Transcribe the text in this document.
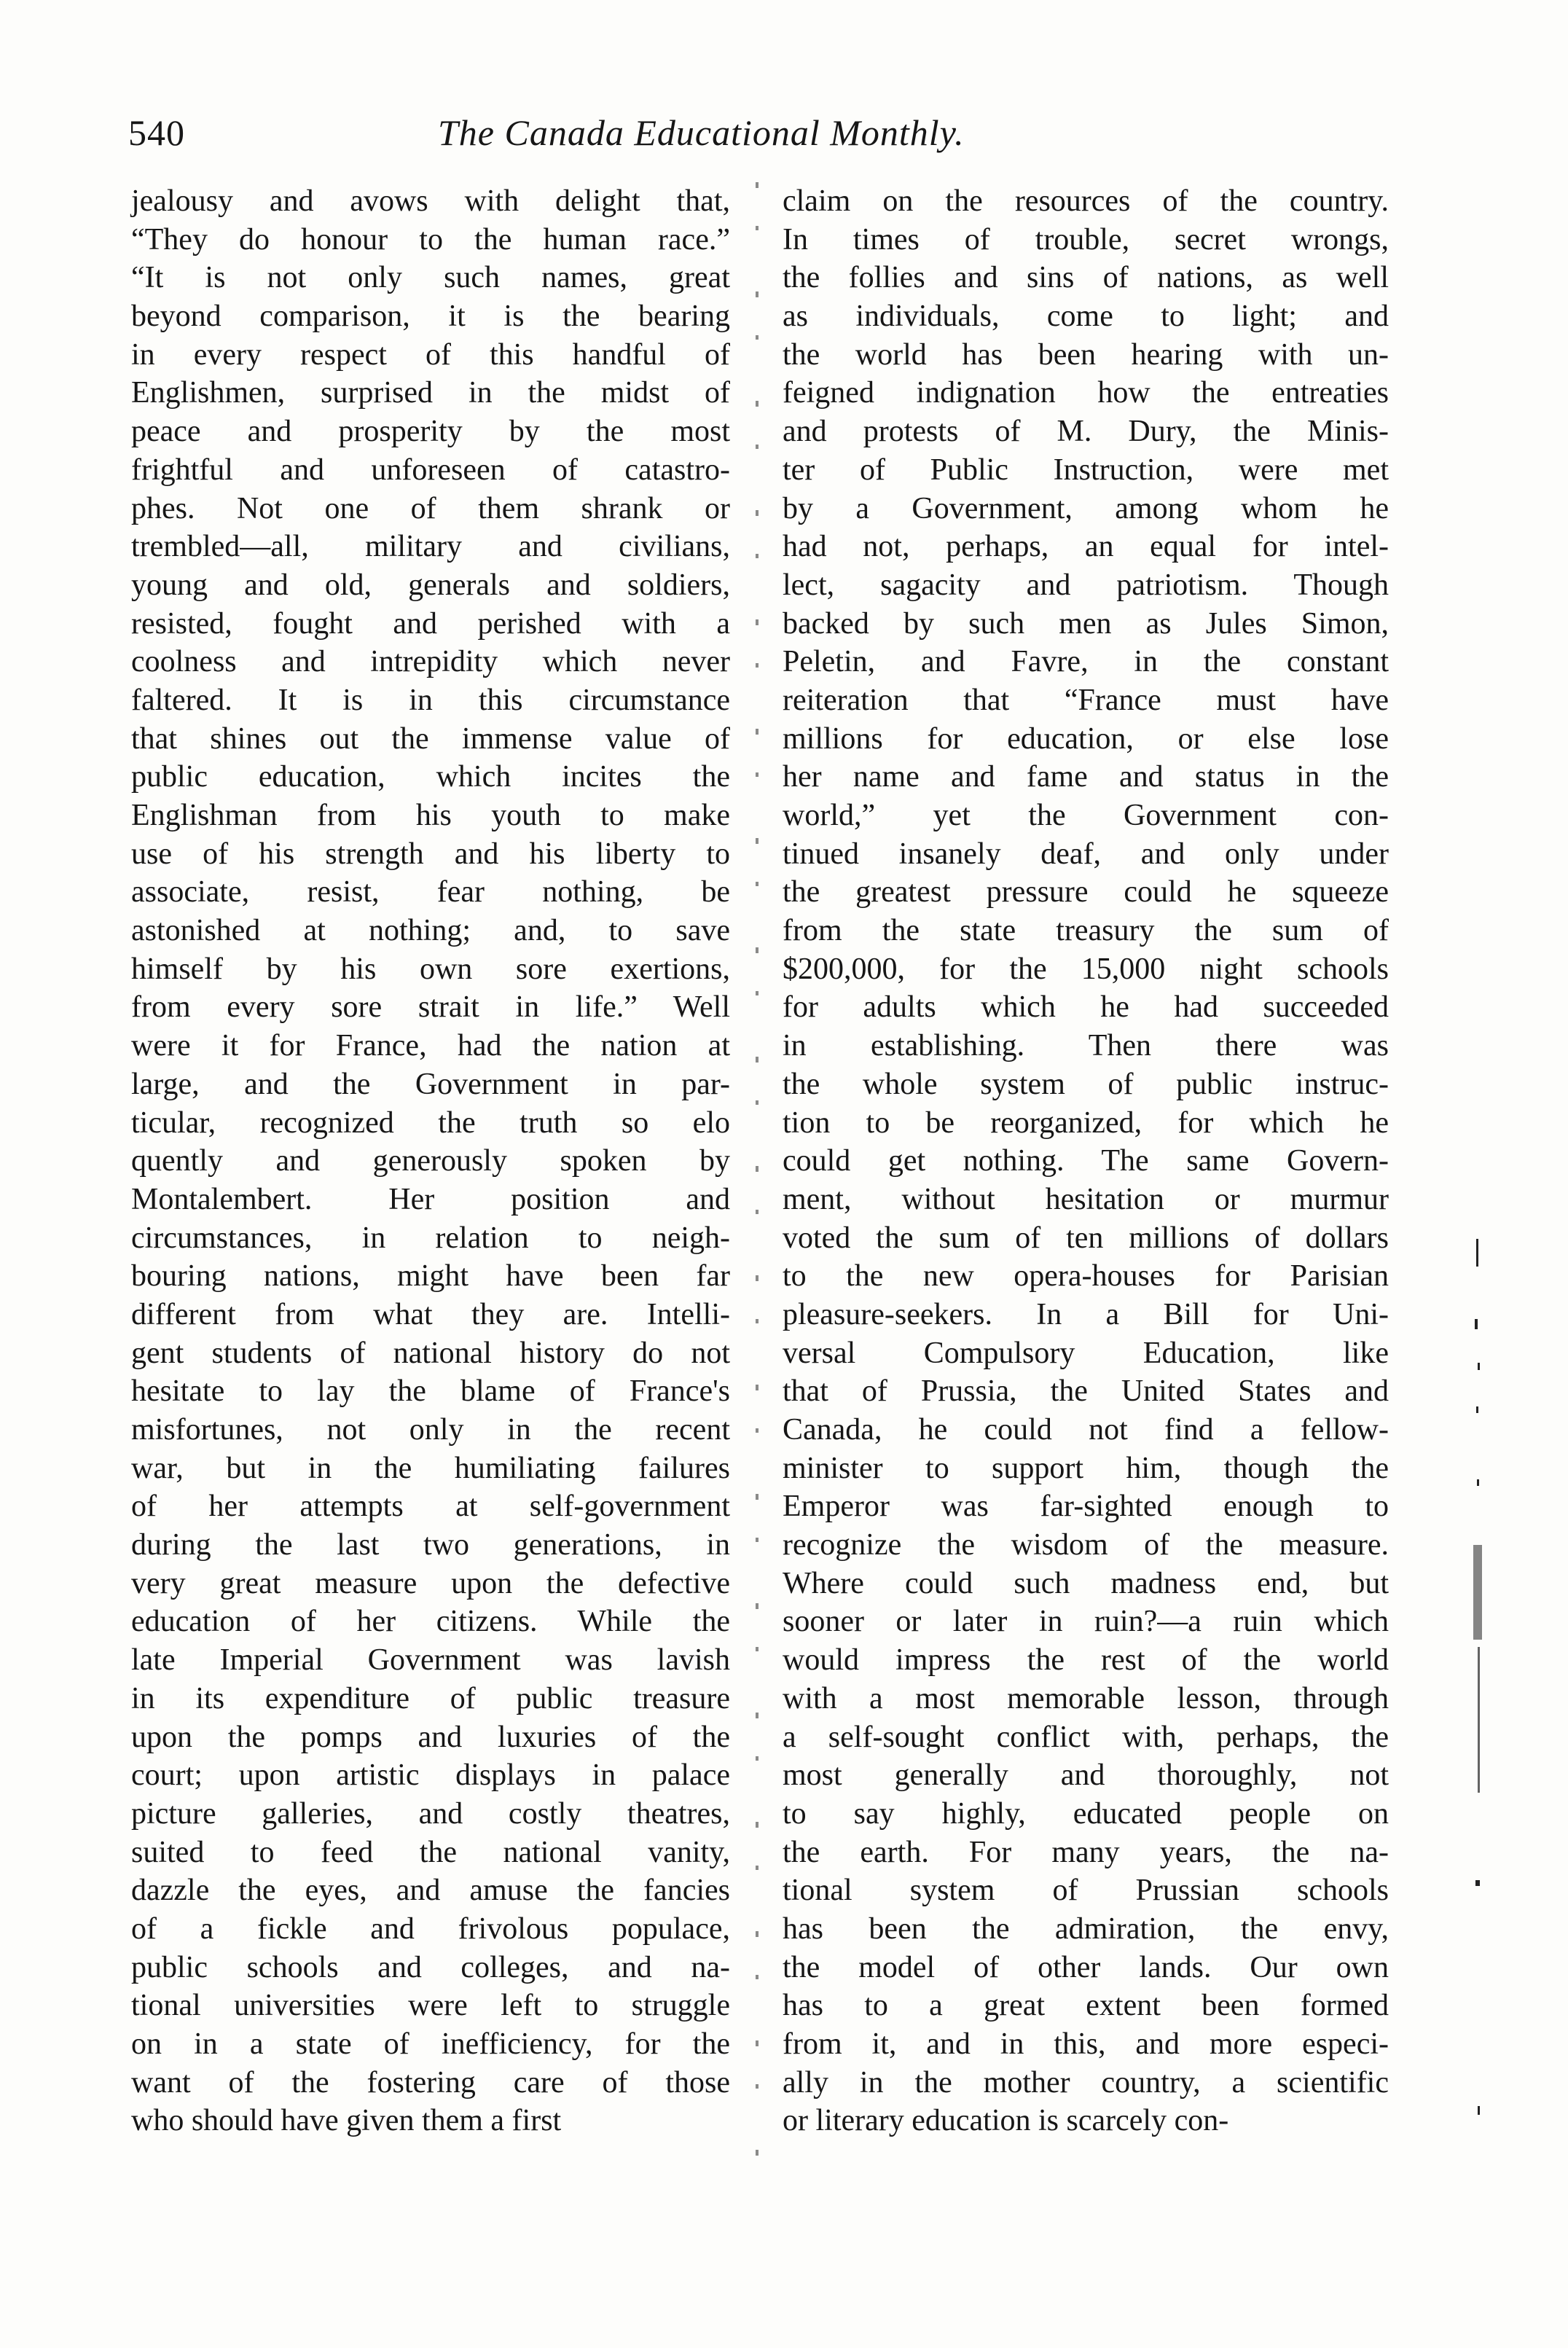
540	The Canada Educational Monthly.
jealousy and avows with delight that,
“They do honour to the human race.”
“It is not only such names, great
beyond comparison, it is the bearing
in every respect of this handful of
Englishmen, surprised in the midst of
peace and prosperity by the most
frightful and unforeseen of catastro-
phes. Not one of them shrank or
trembled—all, military and civilians,
young and old, generals and soldiers,
resisted, fought and perished with a
coolness and intrepidity which never
faltered. It is in this circumstance
that shines out the immense value of
public education, which incites the
Englishman from his youth to make
use of his strength and his liberty to
associate, resist, fear nothing, be
astonished at nothing; and, to save
himself by his own sore exertions,
from every sore strait in life.” Well
were it for France, had the nation at
large, and the Government in par-
ticular, recognized the truth so elo
quently and generously spoken by
Montalembert. Her position and
circumstances, in relation to neigh-
bouring nations, might have been far
different from what they are. Intelli-
gent students of national history do not
hesitate to lay the blame of France's
misfortunes, not only in the recent
war, but in the humiliating failures
of her attempts at self-government
during the last two generations, in
very great measure upon the defective
education of her citizens. While the
late Imperial Government was lavish
in its expenditure of public treasure
upon the pomps and luxuries of the
court; upon artistic displays in palace
picture galleries, and costly theatres,
suited to feed the national vanity,
dazzle the eyes, and amuse the fancies
of a fickle and frivolous populace,
public schools and colleges, and na-
tional universities were left to struggle
on in a state of inefficiency, for the
want of the fostering care of those
who should have given them a first
claim on the resources of the country.
In times of trouble, secret wrongs,
the follies and sins of nations, as well
as individuals, come to light; and
the world has been hearing with un-
feigned indignation how the entreaties
and protests of M. Dury, the Minis-
ter of Public Instruction, were met
by a Government, among whom he
had not, perhaps, an equal for intel-
lect, sagacity and patriotism. Though
backed by such men as Jules Simon,
Peletin, and Favre, in the constant
reiteration that “France must have
millions for education, or else lose
her name and fame and status in the
world,” yet the Government con-
tinued insanely deaf, and only under
the greatest pressure could he squeeze
from the state treasury the sum of
$200,000, for the 15,000 night schools
for adults which he had succeeded
in establishing. Then there was
the whole system of public instruc-
tion to be reorganized, for which he
could get nothing. The same Govern-
ment, without hesitation or murmur
voted the sum of ten millions of dollars
to the new opera-houses for Parisian
pleasure-seekers. In a Bill for Uni-
versal Compulsory Education, like
that of Prussia, the United States and
Canada, he could not find a fellow-
minister to support him, though the
Emperor was far-sighted enough to
recognize the wisdom of the measure.
Where could such madness end, but
sooner or later in ruin?—a ruin which
would impress the rest of the world
with a most memorable lesson, through
a self-sought conflict with, perhaps, the
most generally and thoroughly, not
to say highly, educated people on
the earth. For many years, the na-
tional system of Prussian schools
has been the admiration, the envy,
the model of other lands. Our own
has to a great extent been formed
from it, and in this, and more especi-
ally in the mother country, a scientific
or literary education is scarcely con-
